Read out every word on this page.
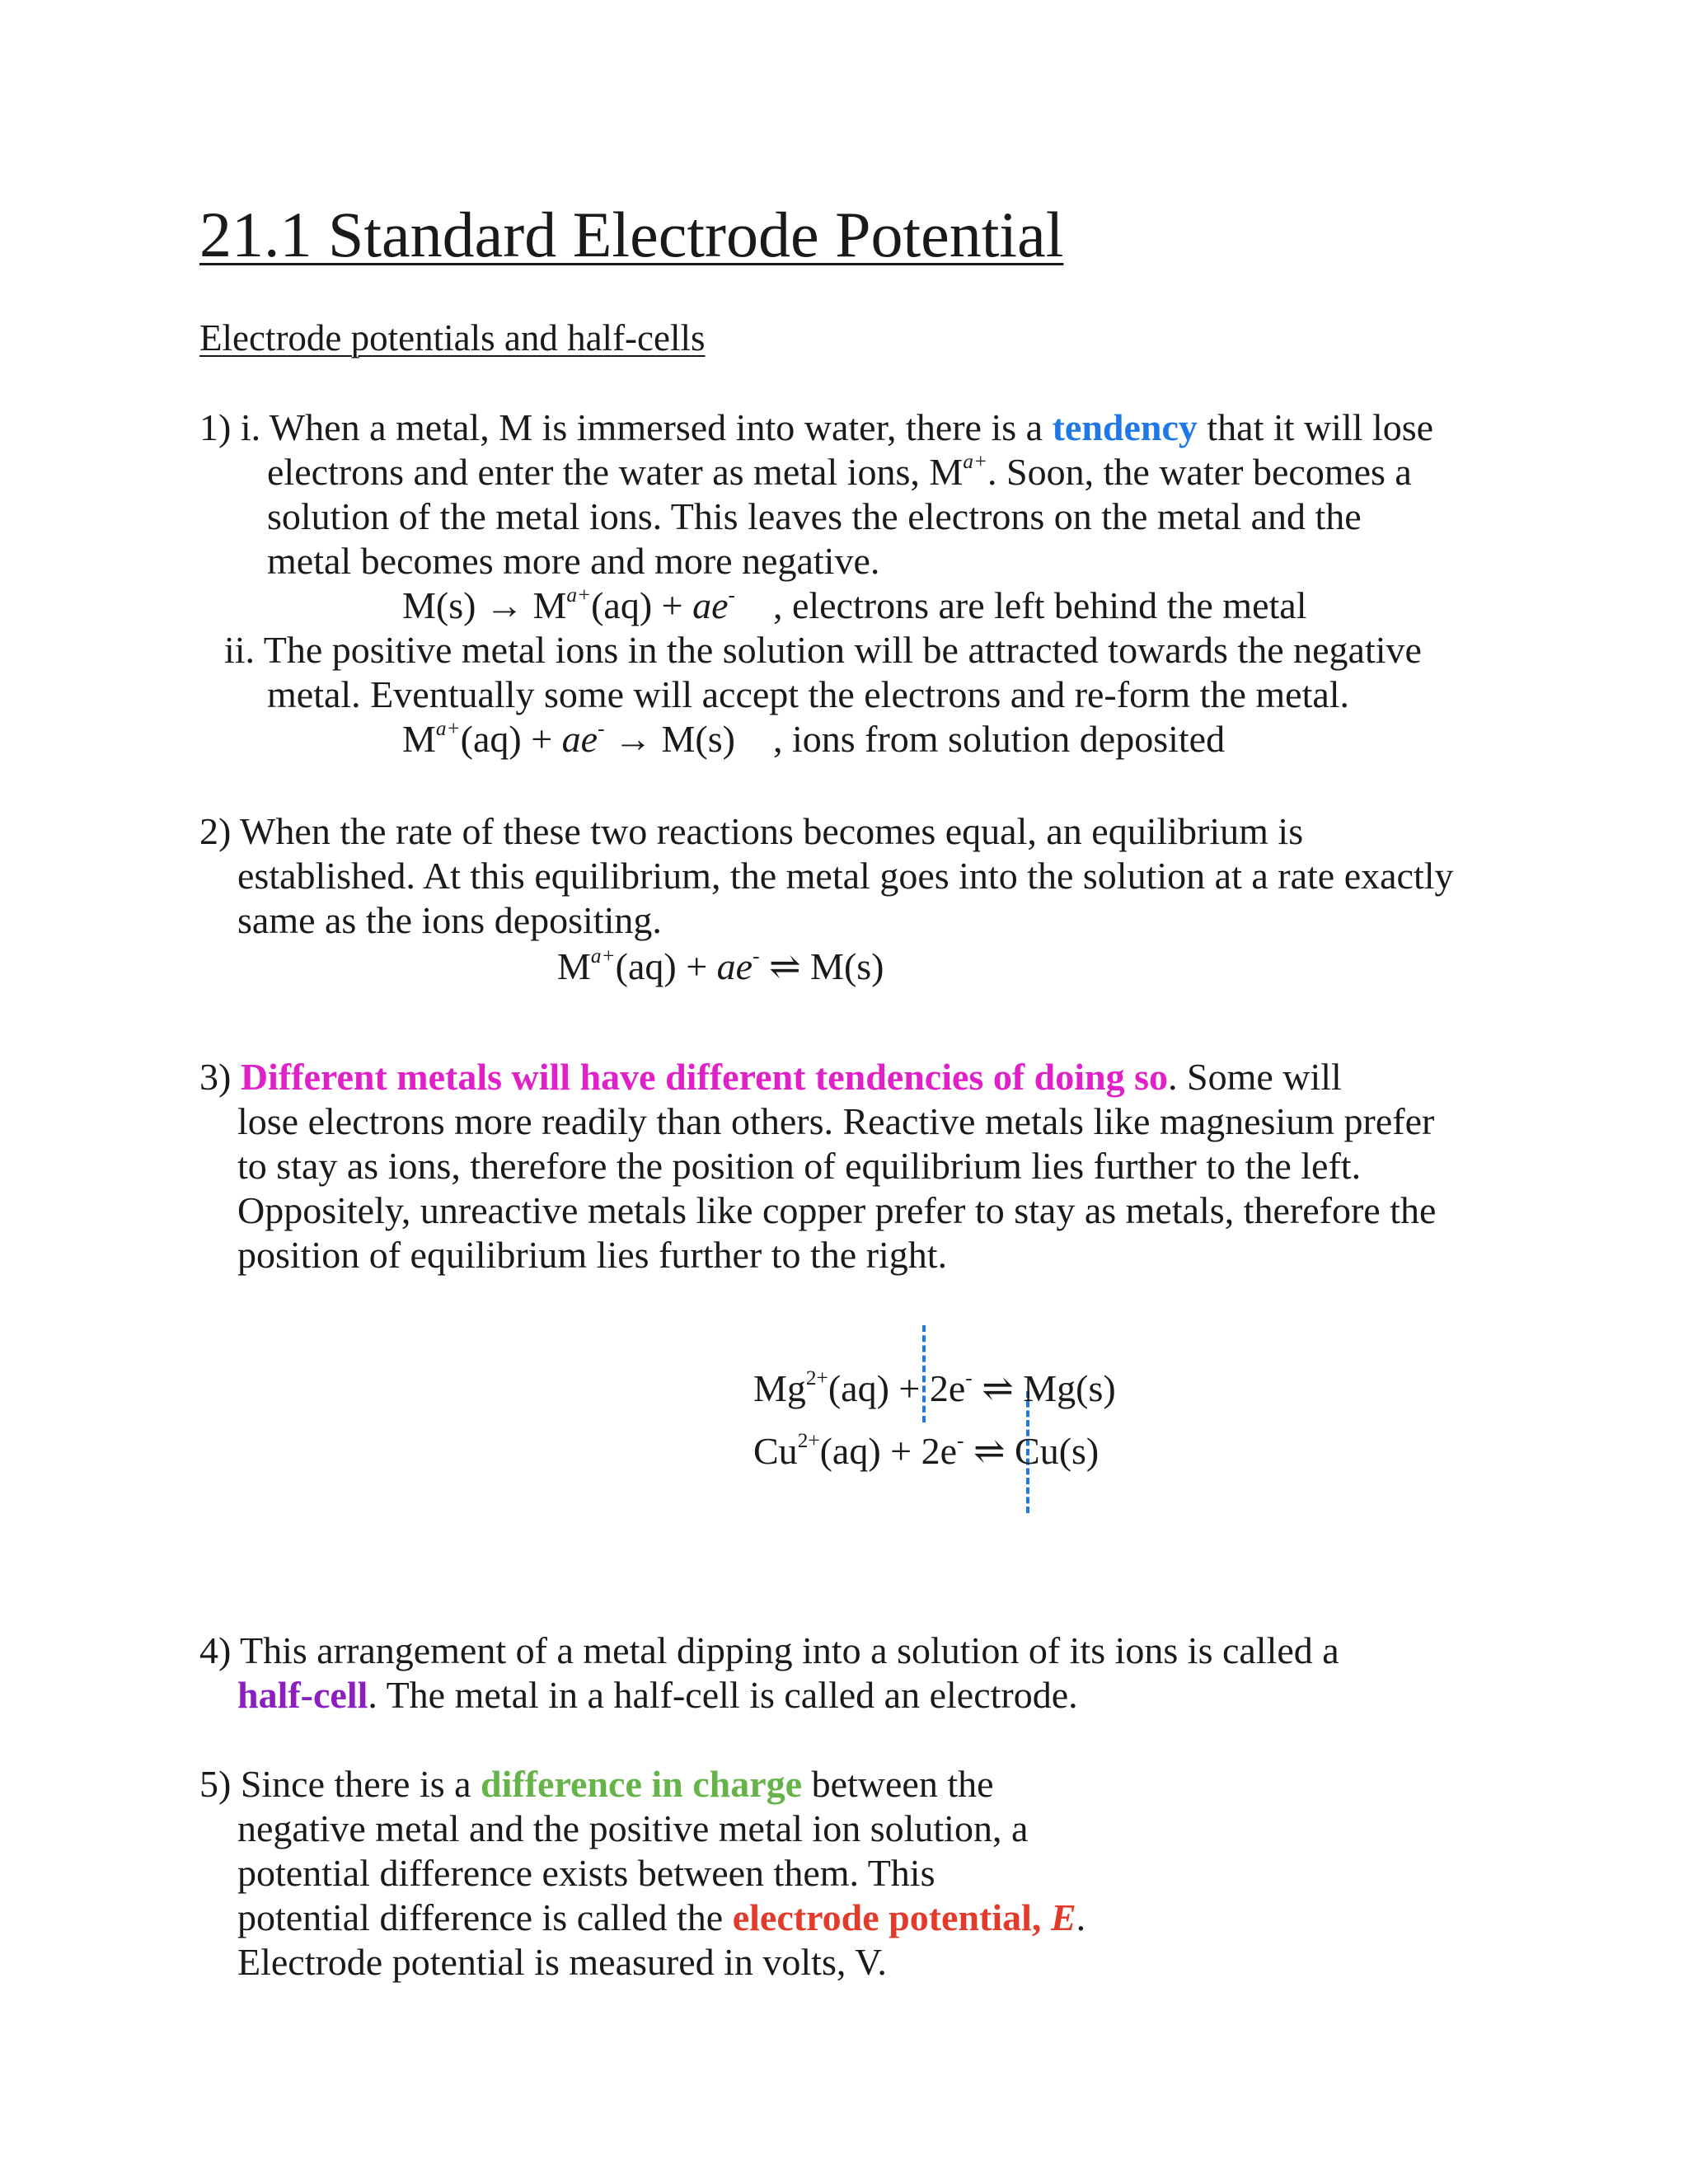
21.1 Standard Electrode Potential
Electrode potentials and half-cells
1) i. When a metal, M is immersed into water, there is a tendency that it will lose
electrons and enter the water as metal ions, $M^{a+}$. Soon, the water becomes a
solution of the metal ions. This leaves the electrons on the metal and the
metal becomes more and more negative.
$M(s) \to M^{a+}(aq) + ae^-$    , electrons are left behind the metal
ii. The positive metal ions in the solution will be attracted towards the negative
metal. Eventually some will accept the electrons and re-form the metal.
$M^{a+}(aq) + ae^- \to M(s)$    , ions from solution deposited
2) When the rate of these two reactions becomes equal, an equilibrium is
established. At this equilibrium, the metal goes into the solution at a rate exactly
same as the ions depositing.
$M^{a+}(aq) + ae^-$ ⇌ M(s)
3) Different metals will have different tendencies of doing so. Some will
lose electrons more readily than others. Reactive metals like magnesium prefer
to stay as ions, therefore the position of equilibrium lies further to the left.
Oppositely, unreactive metals like copper prefer to stay as metals, therefore the
position of equilibrium lies further to the right.
$Mg^{2+}(aq) + 2e^-$ ⇌ Mg(s)
$Cu^{2+}(aq) + 2e^-$ ⇌ Cu(s)
4) This arrangement of a metal dipping into a solution of its ions is called a
half-cell. The metal in a half-cell is called an electrode.
5) Since there is a difference in charge between the
negative metal and the positive metal ion solution, a
potential difference exists between them. This
potential difference is called the electrode potential, E.
Electrode potential is measured in volts, V.
